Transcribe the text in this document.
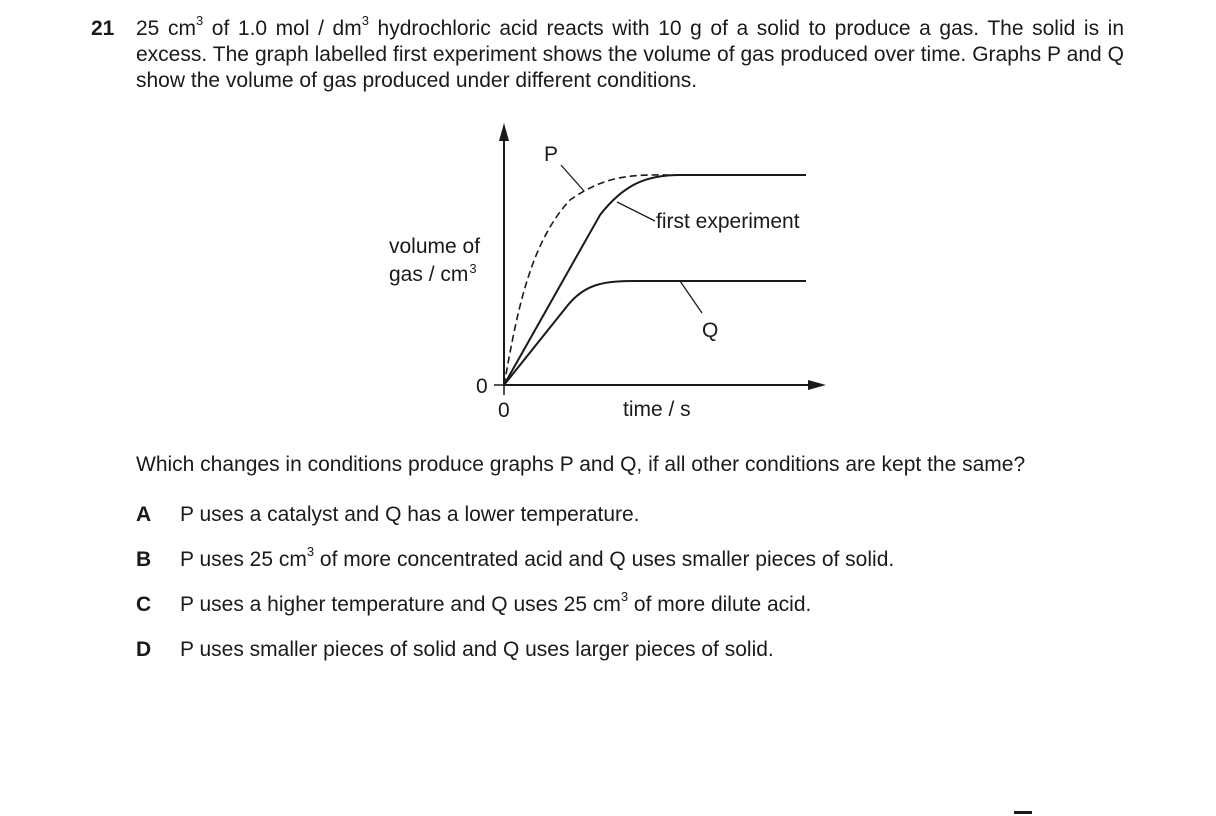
21 25 $cm^3$ of 1.0 mol / $dm^3$ hydrochloric acid reacts with 10 g of a solid to produce a gas. The solid is in excess. The graph labelled first experiment shows the volume of gas produced over time. Graphs P and Q show the volume of gas produced under different conditions.
P
first experiment
Q
volume of
gas / $cm^3$
0
0	time / s
Which changes in conditions produce graphs P and Q, if all other conditions are kept the same?
A P uses a catalyst and Q has a lower temperature.
B P uses 25 $cm^3$ of more concentrated acid and Q uses smaller pieces of solid.
C P uses a higher temperature and Q uses 25 $cm^3$ of more dilute acid.
D P uses smaller pieces of solid and Q uses larger pieces of solid.
